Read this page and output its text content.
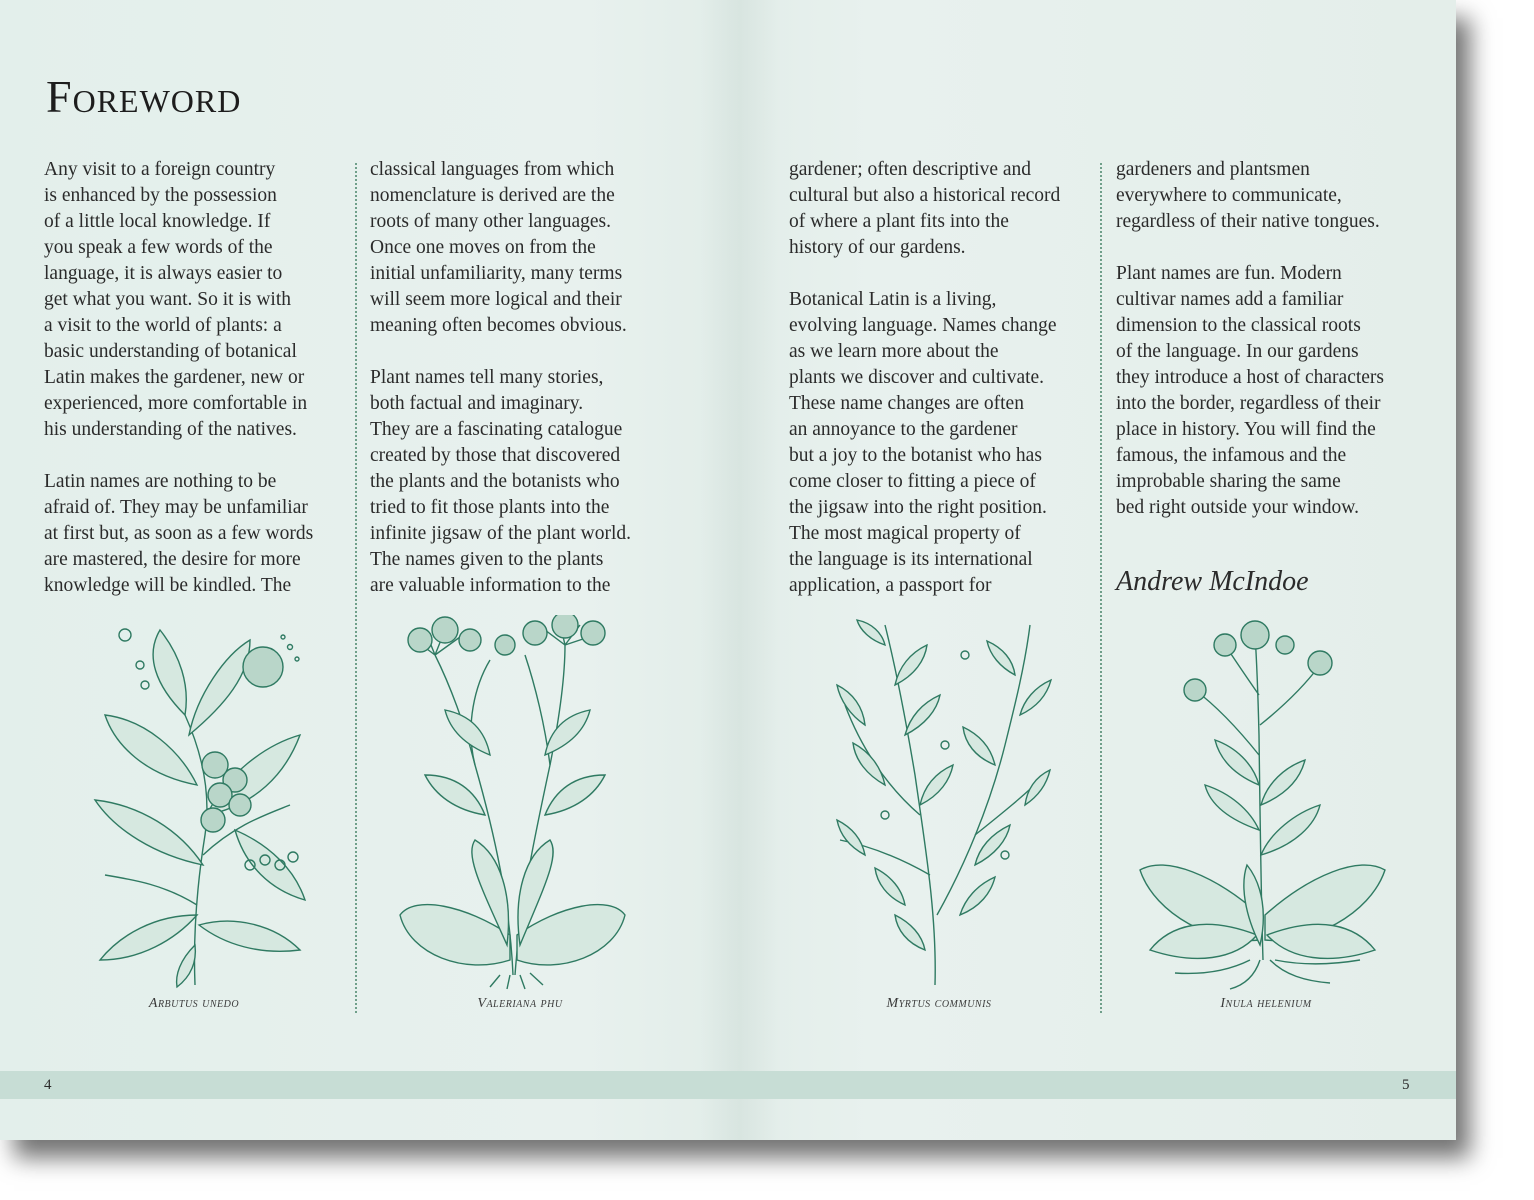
Foreword

Any visit to a foreign country
is enhanced by the possession
of a little local knowledge. If
you speak a few words of the
language, it is always easier to
get what you want. So it is with
a visit to the world of plants: a
basic understanding of botanical
Latin makes the gardener, new or
experienced, more comfortable in
his understanding of the natives.

Latin names are nothing to be
afraid of. They may be unfamiliar
at first but, as soon as a few words
are mastered, the desire for more
knowledge will be kindled. The

classical languages from which
nomenclature is derived are the
roots of many other languages.
Once one moves on from the
initial unfamiliarity, many terms
will seem more logical and their
meaning often becomes obvious.

Plant names tell many stories,
both factual and imaginary.
They are a fascinating catalogue
created by those that discovered
the plants and the botanists who
tried to fit those plants into the
infinite jigsaw of the plant world.
The names given to the plants
are valuable information to the

gardener; often descriptive and
cultural but also a historical record
of where a plant fits into the
history of our gardens.

Botanical Latin is a living,
evolving language. Names change
as we learn more about the
plants we discover and cultivate.
These name changes are often
an annoyance to the gardener
but a joy to the botanist who has
come closer to fitting a piece of
the jigsaw into the right position.
The most magical property of
the language is its international
application, a passport for

gardeners and plantsmen
everywhere to communicate,
regardless of their native tongues.

Plant names are fun. Modern
cultivar names add a familiar
dimension to the classical roots
of the language. In our gardens
they introduce a host of characters
into the border, regardless of their
place in history. You will find the
famous, the infamous and the
improbable sharing the same
bed right outside your window.

Andrew McIndoe

Arbutus unedo	Valeriana phu	Myrtus communis	Inula helenium
4	5
